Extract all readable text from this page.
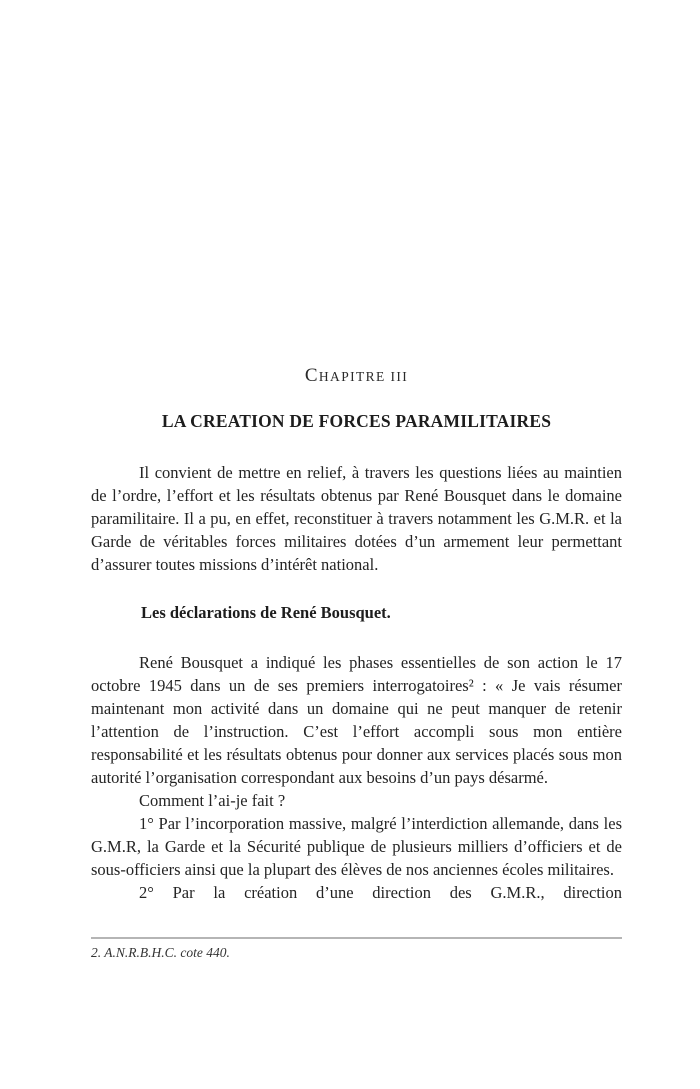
CHAPITRE III
LA CREATION DE FORCES PARAMILITAIRES

Il convient de mettre en relief, à travers les questions liées au maintien de l’ordre, l’effort et les résultats obtenus par René Bousquet dans le domaine paramilitaire. Il a pu, en effet, reconstituer à travers notamment les G.M.R. et la Garde de véritables forces militaires dotées d’un armement leur permettant d’assurer toutes missions d’intérêt national.

Les déclarations de René Bousquet.

René Bousquet a indiqué les phases essentielles de son action le 17 octobre 1945 dans un de ses premiers interrogatoires² : « Je vais résumer maintenant mon activité dans un domaine qui ne peut manquer de retenir l’attention de l’instruction. C’est l’effort accompli sous mon entière responsabilité et les résultats obtenus pour donner aux services placés sous mon autorité l’organisation correspondant aux besoins d’un pays désarmé.

Comment l’ai-je fait ?

1° Par l’incorporation massive, malgré l’interdiction allemande, dans les G.M.R, la Garde et la Sécurité publique de plusieurs milliers d’officiers et de sous-officiers ainsi que la plupart des élèves de nos anciennes écoles militaires.

2° Par la création d’une direction des G.M.R., direction

2. A.N.R.B.H.C. cote 440.
